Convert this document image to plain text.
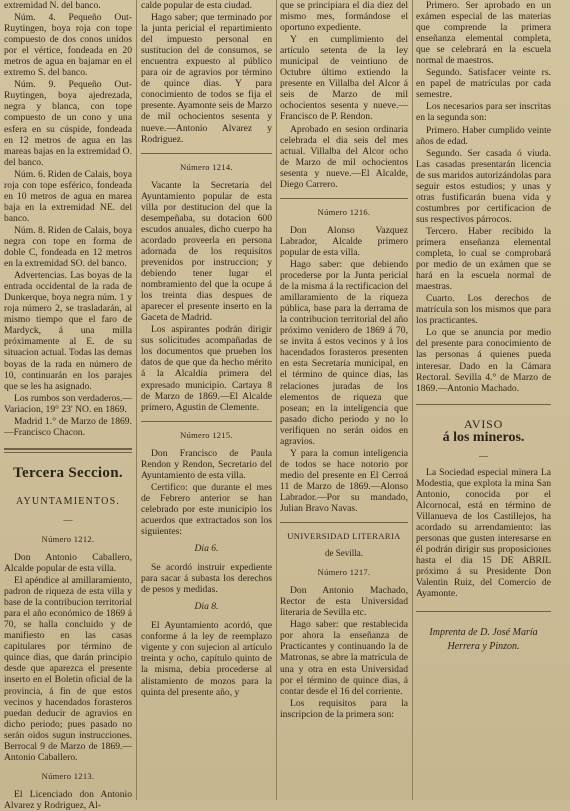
extremidad N. del banco.

Núm. 4. Pequeño Out-Ruytingen, boya roja con tope compuesto de dos conos unidos por el vértice, fondeada en 20 metros de agua en bajamar en el extremo S. del banco.

Núm. 9. Pequeño Out-Ruytingen, boya ajedrezada, negra y blanca, con tope compuesto de un cono y una esfera en su cúspide, fondeada en 12 metros de agua en las mareas bajas en la extremidad O. del banco.

Núm. 6. Riden de Calais, boya roja con tope esférico, fondeada en 10 metros de agua en marea baja en la extremidad NE. del banco.

Núm. 8. Riden de Calais, boya negra con tope en forma de doble C, fondeada en 12 metros en la extremidad SO. del banco.

Advertencias. Las boyas de la entrada occidental de la rada de Dunkerque, boya negra núm. 1 y roja número 2, se trasladarán, al mismo tiempo que el faro de Mardyck, á una milla próximamente al E. de su situacion actual. Todas las demas boyas de la rada en número de 10, continuarán en los parajes que se les ha asignado.

Los rumbos son verdaderos.—Variacion, 19° 23' NO. en 1869.

Madrid 1.° de Marzo de 1869.—Francisco Chacon.

Tercera Seccion.
AYUNTAMIENTOS.
—
Número 1212.

Don Antonio Caballero, Alcalde popular de esta villa.

El apéndice al amillaramiento, padron de riqueza de esta villa y base de la contribucion territorial para el año económico de 1869 á 70, se halla concluido y de manifiesto en las casas capitulares por término de quince dias, que darán principio desde que aparezca el presente inserto en el Boletin oficial de la provincia, á fin de que estos vecinos y hacendados forasteros puedan deducir de agravios en dicho periodo; pues pasado no serán oidos sugun instrucciones. Berrocal 9 de Marzo de 1869.—Antonio Caballero.

Número 1213.

El Licenciado don Antonio Alvarez y Rodriguez, Al-

calde popular de esta ciudad.

Hago saber; que terminado por la junta pericial el repartimiento del impuesto personal en sustitucion del de consumos, se encuentra expuesto al público para oir de agravios por término de quince dias. Y para conocimiento de todos se fija el presente. Ayamonte seis de Marzo de mil ochocientos sesenta y nueve.—Antonio Alvarez y Rodriguez.

Número 1214.

Vacante la Secretaría del Ayuntamiento popular de esta villa por destitucion del que la desempeñaba, su dotacion 600 escudos anuales, dicho cuerpo ha acordado proveerla en persona adornada de los requisitos prevenidos por instruccion; y debiendo tener lugar el nombramiento del que la ocupe á los treinta dias despues de aparecer el presente inserto en la Gaceta de Madrid.

Los aspirantes podrán dirigir sus solicitudes acompañadas de los documentos que prueben los datos de que que da hecho mérito á la Alcaldía primera del expresado municipio. Cartaya 8 de Marzo de 1869.—El Alcalde primero, Agustin de Clemente.

Número 1215.

Don Francisco de Paula Rendon y Rendon, Secretario del Ayuntamiento de esta villa.

Certifico: que durante el mes de Febrero anterior se han celebrado por este municipio los acuerdos que extractados son los siguientes:

Dia 6.

Se acordó instruir expediente para sacar á subasta los derechos de pesos y medidas.

Dia 8.

El Ayuntamiento acordó, que conforme á la ley de reemplazo vigente y con sujecion al artículo treinta y ocho, capítulo quinto de la misma, debia procederse al alistamiento de mozos para la quinta del presente año, y

que se principiara el dia diez del mismo mes, formándose el oportuno expediente.

Y en cumplimiento del artículo setenta de la ley municipal de veintiuno de Octubre último extiendo la presente en Villalba del Alcor á seis de Marzo de mil ochocientos sesenta y nueve.—Francisco de P. Rendon.

Aprobado en sesion ordinaria celebrada el dia seis del mes actual. Villalba del Alcor ocho de Marzo de mil ochocientos sesenta y nueve.—El Alcalde, Diego Carrero.

Número 1216.

Don Alonso Vazquez Labrador, Alcalde primero popular de esta villa.

Hago saber: que debiendo procederse por la Junta pericial de la misma á la rectificacion del amillaramiento de la riqueza pública, base para la derrama de la contribucion territorial del año próximo venidero de 1869 á 70, se invita á estos vecinos y á los hacendados forasteros presenten en esta Secretaría municipal, en el término de quince dias, las relaciones juradas de los elementos de riqueza que posean; en la inteligencia que pasado dicho periodo y no lo verifiquen no serán oidos en agravios.

Y para la comun inteligencia de todos se hace notorio por medio del presente en El Cerroá 11 de Marzo de 1869.—Alonso Labrador.—Por su mandado, Julian Bravo Navas.

UNIVERSIDAD LITERARIA
de Sevilla.
Número 1217.

Don Antonio Machado, Rector de esta Universidad literaria de Sevilla etc.

Hago saber: que restablecida por ahora la enseñanza de Practicantes y continuando la de Matronas, se abre la matrícula de una y otra en esta Universidad por el término de quince dias, á contar desde el 16 del corriente.

Los requisitos para la inscripcion de la primera son:

Primero. Ser aprobado en un exámen especial de las materias que comprende la primera enseñanza elemental completa, que se celebrará en la escuela normal de maestros.

Segundo. Satisfacer veinte rs. en papel de matrículas por cada semestre.

Los necesarios para ser inscritas en la segunda son:

Primero. Haber cumplido veinte años de edad.

Segundo. Ser casada ó viuda. Las casadas presentarán licencia de sus maridos autorizándolas para seguir estos estudios; y unas y otras fustificarán buena vida y costumbres por certificacion de sus respectivos párrocos.

Tercero. Haber recibido la primera enseñanza elemental completa, lo cual se comprobará por medio de un exámen que se hará en la escuela normal de maestras.

Cuarto. Los derechos de matrícula son los mismos que para los practicantes.

Lo que se anuncia por medio del presente para conocimiento de las personas á quienes pueda interesar. Dado en la Cámara Rectoral. Sevilla 4.° de Marzo de 1869.—Antonio Machado.

AVISO
á los mineros.
—

La Sociedad especial minera La Modestia, que explota la mina San Antonio, conocida por el Alcornocal, está en término de Villanueva de los Castillejos, ha acordado su arrendamiento: las personas que gusten interesarse en él podrán dirigir sus proposiciones hasta el dia 15 DE ABRIL próximo á su Presidente Don Valentin Ruiz, del Comercio de Ayamonte.

Imprenta de D. José María
Herrera y Pinzon.
